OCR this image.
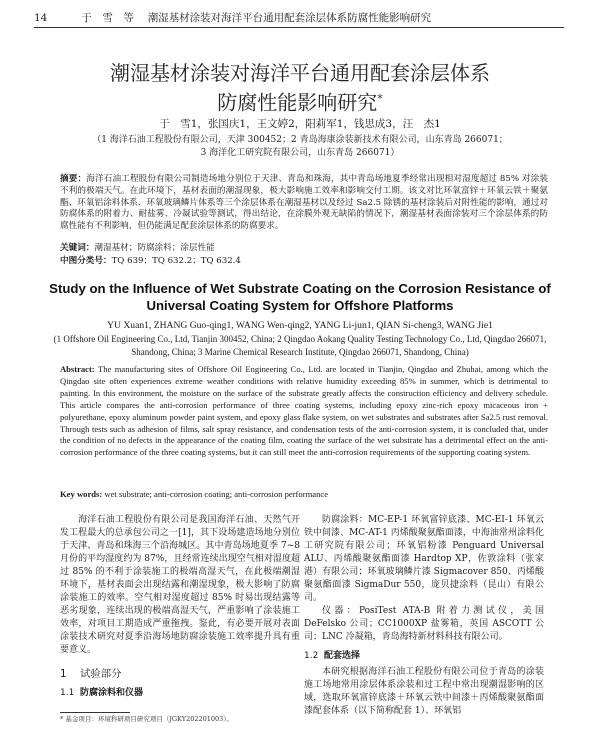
14	于　雪　等　 潮湿基材涂装对海洋平台通用配套涂层体系防腐性能影响研究
潮湿基材涂装对海洋平台通用配套涂层体系
防腐性能影响研究*
于　雪1，张国庆1，王文婷2，阳莉军1，钱思成3，汪　杰1
（1 海洋石油工程股份有限公司，天津 300452；2 青岛海康涂装新技术有限公司，山东青岛 266071；
3 海洋化工研究院有限公司，山东青岛 266071）
摘要：海洋石油工程股份有限公司制造场地分别位于天津、青岛和珠海，其中青岛场地夏季经常出现相对湿度超过 85% 对涂装不利的极端天气。在此环境下，基材表面的潮湿现象，极大影响施工效率和影响交付工期。该文对比环氧富锌＋环氧云铁＋聚氨酯、环氧铝涂料体系、环氧玻璃鳞片体系等三个涂层体系在潮湿基材以及经过 Sa2.5 除锈的基材涂装后对附性能的影响，通过对防腐体系的附着力、耐盐雾、冷凝试验等测试，得出结论，在涂膜外观无缺陷的情况下，潮湿基材表面涂装对三个涂层体系的防腐性能有不利影响，但仍能满足配套涂层体系的防腐要求。
关键词：潮湿基材；防腐涂料；涂层性能
中图分类号：TQ 639；TQ 632.2；TQ 632.4
Study on the Influence of Wet Substrate Coating on the Corrosion Resistance of Universal Coating System for Offshore Platforms
YU Xuan1, ZHANG Guo-qing1, WANG Wen-qing2, YANG Li-jun1, QIAN Si-cheng3, WANG Jie1
(1 Offshore Oil Engineering Co., Ltd, Tianjin 300452, China; 2 Qingdao Aokang Quality Testing Technology Co., Ltd, Qingdao 266071, Shandong, China; 3 Marine Chemical Research Institute, Qingdao 266071, Shandong, China)
Abstract: The manufacturing sites of Offshore Oil Engineering Co., Ltd. are located in Tianjin, Qingdao and Zhuhai, among which the Qingdao site often experiences extreme weather conditions with relative humidity exceeding 85% in summer, which is detrimental to painting. In this environment, the moisture on the surface of the substrate greatly affects the construction efficiency and delivery schedule. This article compares the anti-corrosion performance of three coating systems, including epoxy zinc-rich epoxy micaceous iron + polyurethane, epoxy aluminum powder paint system, and epoxy glass flake system, on wet substrates and substrates after Sa2.5 rust removal. Through tests such as adhesion of films, salt spray resistance, and condensation tests of the anti-corrosion system, it is concluded that, under the condition of no defects in the appearance of the coating film, coating the surface of the wet substrate has a detrimental effect on the anti-corrosion performance of the three coating systems, but it can still meet the anti-corrosion requirements of the supporting coating system.
Key words: wet substrate; anti-corrosion coating; anti-corrosion performance

海洋石油工程股份有限公司是我国海洋石油、天然气开发工程最大的总承包公司之一[1]，其下设场建造场地分别位于天津、青岛和珠海三个沿海城区。其中青岛场地夏季 7~8 月份的平均湿度约为 87%，且经常连续出现空气相对湿度超过 85% 的不利于涂装施工的极端高湿天气，在此极端潮湿环境下，基材表面会出现结露和潮湿现象，极大影响了防腐涂装施工的效率。空气相对湿度超过 85% 时易出现结露等恶劣现象，连续出现的极端高湿天气，严重影响了涂装施工效率，对项目工期造成严重拖拽。鉴此，有必要开展对表面涂装技术研究对夏季沿海场地防腐涂装施工效率提升具有重要意义。

1 试验部分
1.1 防腐涂料和仪器

防腐涂料：MC-EP-1 环氧富锌底漆、MC-EI-1 环氧云铁中间漆、MC-AT-1 丙烯酸聚氨酯面漆，中海油常州涂料化工研究院有限公司；环氧铝粉漆 Penguard Universal ALU、丙烯酸聚氨酯面漆 Hardtop XP，佐敦涂料（张家港）有限公司；环氧玻璃鳞片漆 Sigmacover 850、丙烯酸聚氨酯面漆 SigmaDur 550，庞贝捷涂料（昆山）有限公司。

仪器：PosiTest ATA-B 附着力测试仪，美国 DeFelsko 公司；CC1000XP 盐雾箱，英国 ASCOTT 公司；LNC 冷凝箱，青岛海特新材料科技有限公司。

1.2 配套选择

本研究根据海洋石油工程股份有限公司位于青岛的涂装施工场地常用涂层体系涂装和过工程中常出现潮湿影响的区域，选取环氧富锌底漆＋环氧云铁中间漆＋丙烯酸聚氨酯面漆配套体系（以下简称配套 1）、环氧铝

* 基金项目：环境科研项目研究项目（JGKY202201003）。
